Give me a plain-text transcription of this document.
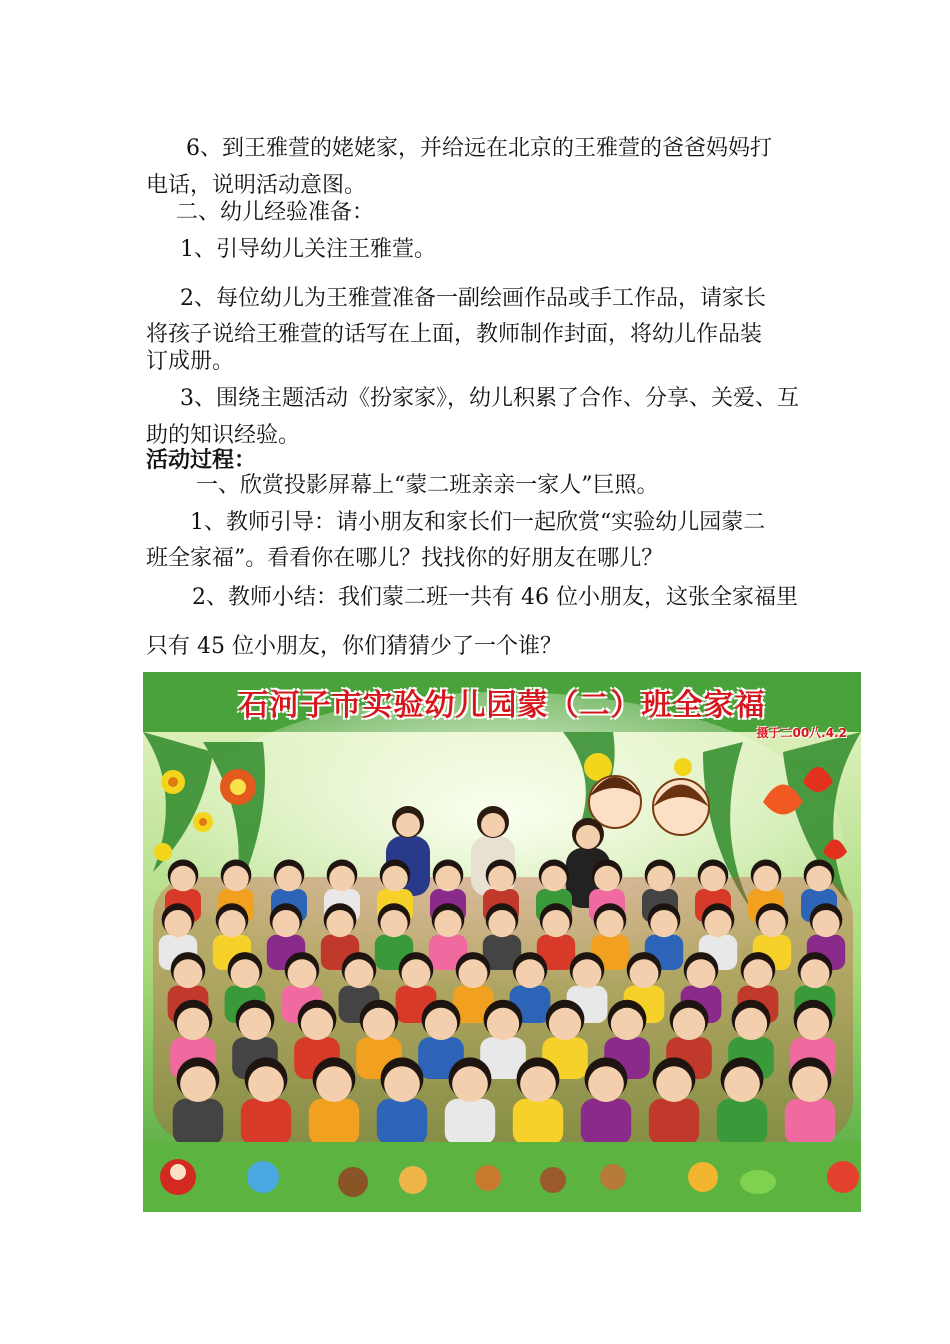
6、到王雅萱的姥姥家，并给远在北京的王雅萱的爸爸妈妈打
电话，说明活动意图。
二、幼儿经验准备：
1、引导幼儿关注王雅萱。
2、每位幼儿为王雅萱准备一副绘画作品或手工作品，请家长
将孩子说给王雅萱的话写在上面，教师制作封面，将幼儿作品装
订成册。
3、围绕主题活动《扮家家》，幼儿积累了合作、分享、关爱、互
助的知识经验。
活动过程：
一、欣赏投影屏幕上“蒙二班亲亲一家人”巨照。
1、教师引导：请小朋友和家长们一起欣赏“实验幼儿园蒙二
班全家福”。看看你在哪儿？找找你的好朋友在哪儿？
2、教师小结：我们蒙二班一共有 46 位小朋友，这张全家福里
只有 45 位小朋友，你们猜猜少了一个谁？
石河子市实验幼儿园蒙（二）班全家福
摄于二00八.4.2
